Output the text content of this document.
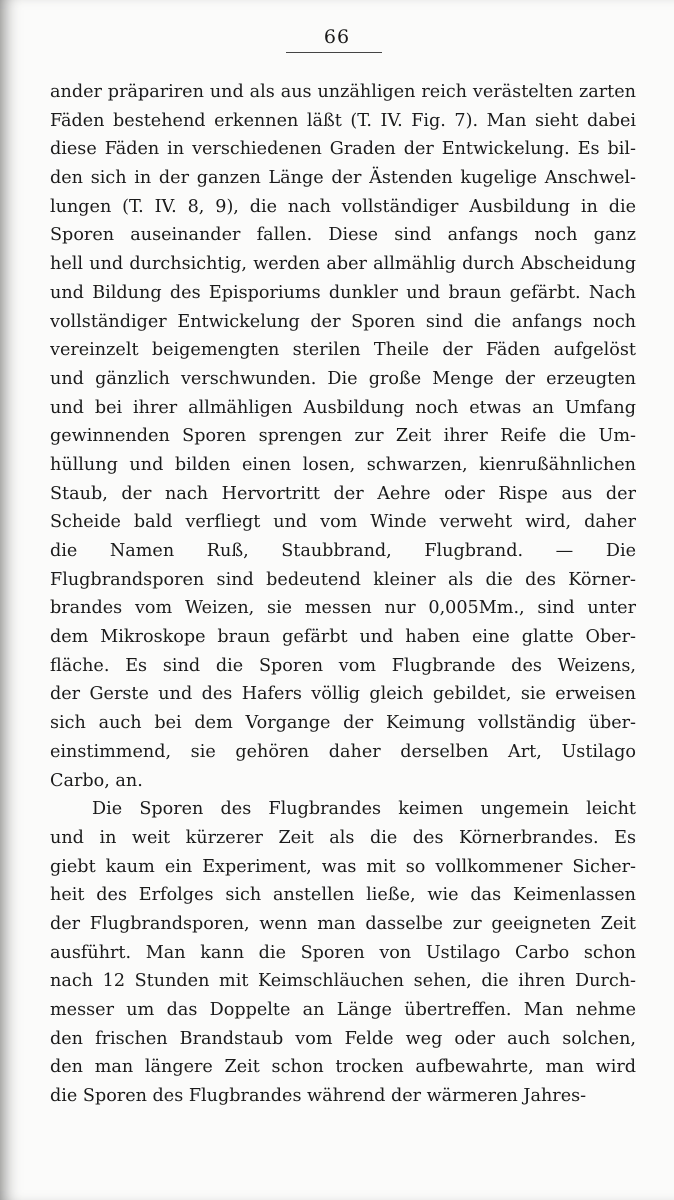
66
ander präpariren und als aus unzähligen reich verästelten zarten
Fäden bestehend erkennen läßt (T. IV. Fig. 7). Man sieht dabei
diese Fäden in verschiedenen Graden der Entwickelung. Es bil-
den sich in der ganzen Länge der Ästenden kugelige Anschwel-
lungen (T. IV. 8, 9), die nach vollständiger Ausbildung in die
Sporen auseinander fallen. Diese sind anfangs noch ganz
hell und durchsichtig, werden aber allmählig durch Abscheidung
und Bildung des Episporiums dunkler und braun gefärbt. Nach
vollständiger Entwickelung der Sporen sind die anfangs noch
vereinzelt beigemengten sterilen Theile der Fäden aufgelöst
und gänzlich verschwunden. Die große Menge der erzeugten
und bei ihrer allmähligen Ausbildung noch etwas an Umfang
gewinnenden Sporen sprengen zur Zeit ihrer Reife die Um-
hüllung und bilden einen losen, schwarzen, kienrußähnlichen
Staub, der nach Hervortritt der Aehre oder Rispe aus der
Scheide bald verfliegt und vom Winde verweht wird, daher
die Namen Ruß, Staubbrand, Flugbrand. — Die
Flugbrandsporen sind bedeutend kleiner als die des Körner-
brandes vom Weizen, sie messen nur 0,005Mm., sind unter
dem Mikroskope braun gefärbt und haben eine glatte Ober-
fläche. Es sind die Sporen vom Flugbrande des Weizens,
der Gerste und des Hafers völlig gleich gebildet, sie erweisen
sich auch bei dem Vorgange der Keimung vollständig über-
einstimmend, sie gehören daher derselben Art, Ustilago
Carbo, an.
Die Sporen des Flugbrandes keimen ungemein leicht
und in weit kürzerer Zeit als die des Körnerbrandes. Es
giebt kaum ein Experiment, was mit so vollkommener Sicher-
heit des Erfolges sich anstellen ließe, wie das Keimenlassen
der Flugbrandsporen, wenn man dasselbe zur geeigneten Zeit
ausführt. Man kann die Sporen von Ustilago Carbo schon
nach 12 Stunden mit Keimschläuchen sehen, die ihren Durch-
messer um das Doppelte an Länge übertreffen. Man nehme
den frischen Brandstaub vom Felde weg oder auch solchen,
den man längere Zeit schon trocken aufbewahrte, man wird
die Sporen des Flugbrandes während der wärmeren Jahres-
